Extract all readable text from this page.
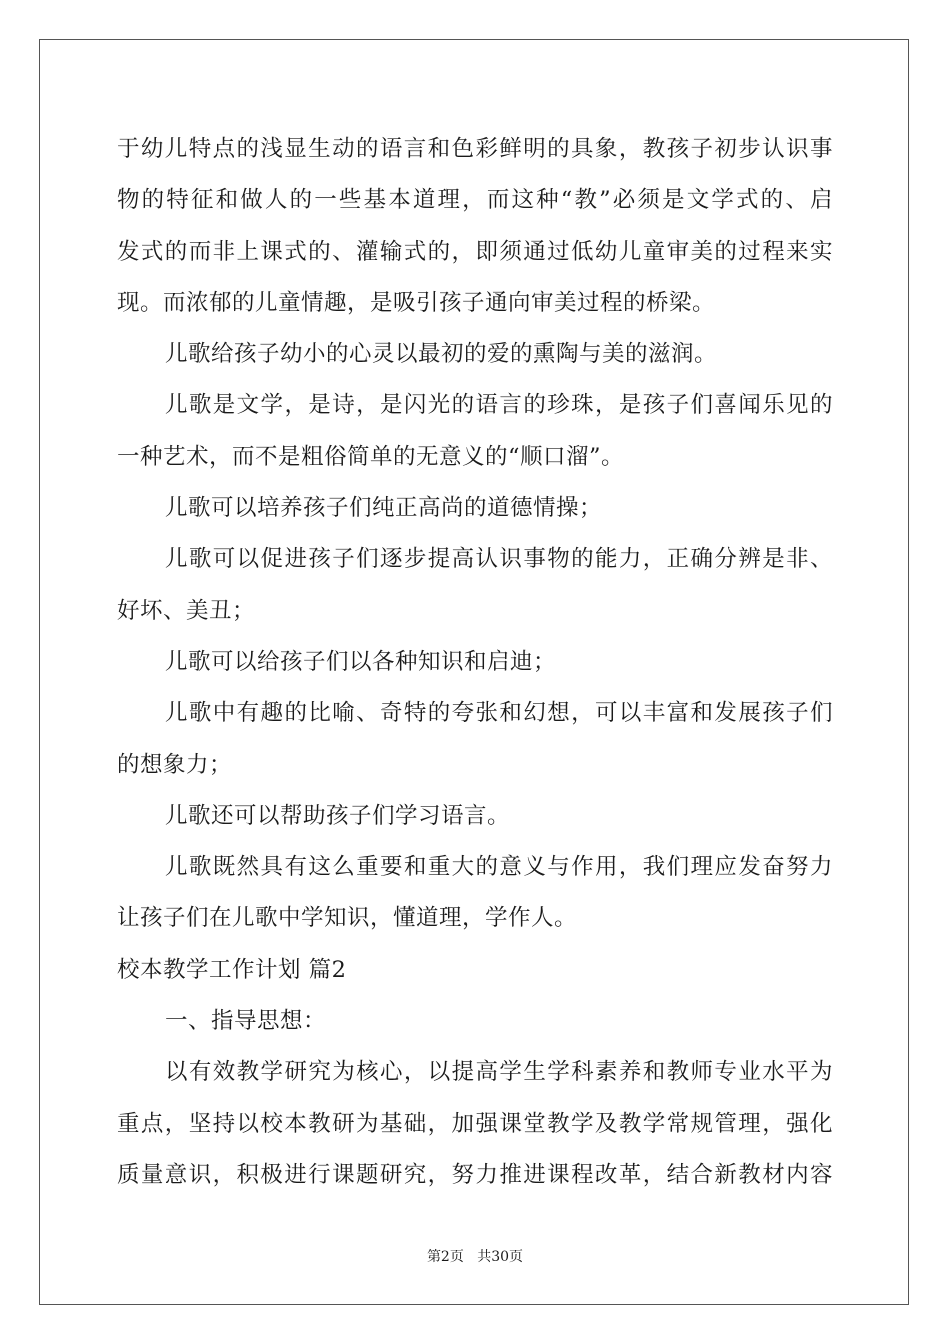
于幼儿特点的浅显生动的语言和色彩鲜明的具象，教孩子初步认识事
物的特征和做人的一些基本道理，而这种“教”必须是文学式的、启
发式的而非上课式的、灌输式的，即须通过低幼儿童审美的过程来实
现。而浓郁的儿童情趣，是吸引孩子通向审美过程的桥梁。
儿歌给孩子幼小的心灵以最初的爱的熏陶与美的滋润。
儿歌是文学，是诗，是闪光的语言的珍珠，是孩子们喜闻乐见的
一种艺术，而不是粗俗简单的无意义的“顺口溜”。
儿歌可以培养孩子们纯正高尚的道德情操；
儿歌可以促进孩子们逐步提高认识事物的能力，正确分辨是非、
好坏、美丑；
儿歌可以给孩子们以各种知识和启迪；
儿歌中有趣的比喻、奇特的夸张和幻想，可以丰富和发展孩子们
的想象力；
儿歌还可以帮助孩子们学习语言。
儿歌既然具有这么重要和重大的意义与作用，我们理应发奋努力
让孩子们在儿歌中学知识，懂道理，学作人。
校本教学工作计划 篇2
一、指导思想：
以有效教学研究为核心，以提高学生学科素养和教师专业水平为
重点，坚持以校本教研为基础，加强课堂教学及教学常规管理，强化
质量意识，积极进行课题研究，努力推进课程改革，结合新教材内容
第2页 共30页
